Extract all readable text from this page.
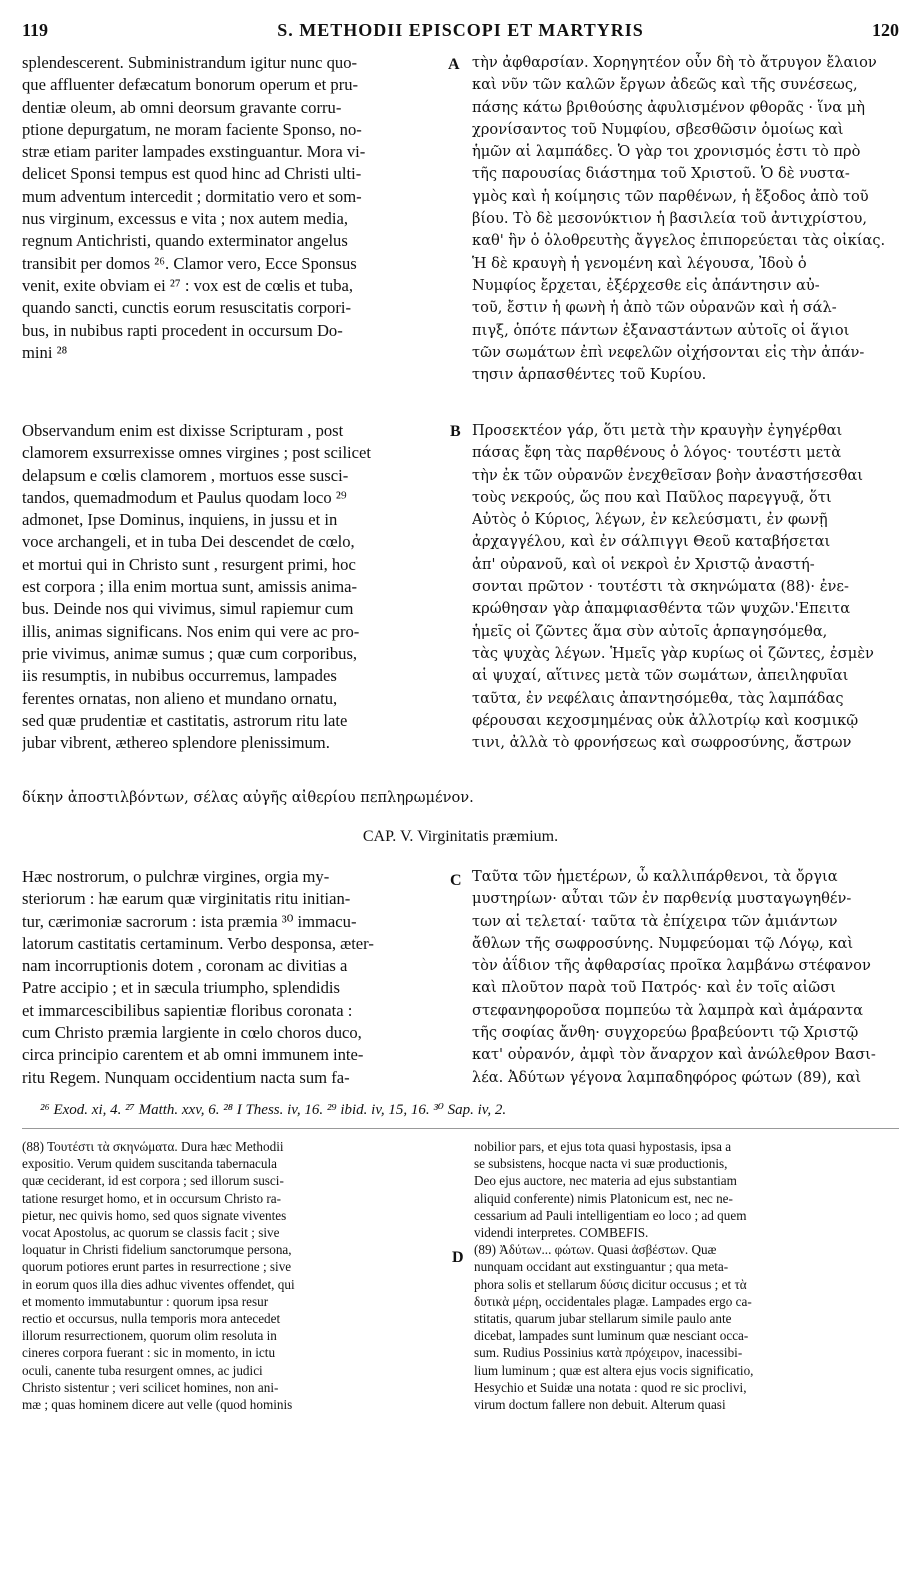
119	S. METHODII EPISCOPI ET MARTYRIS	120
A
B
C
D
splendescerent. Subministrandum igitur nunc quo-
que affluenter defæcatum bonorum operum et pru-
dentiæ oleum, ab omni deorsum gravante corru-
ptione depurgatum, ne moram faciente Sponso, no-
stræ etiam pariter lampades exstinguantur. Mora vi-
delicet Sponsi tempus est quod hinc ad Christi ulti-
mum adventum intercedit ; dormitatio vero et som-
nus virginum, excessus e vita ; nox autem media,
regnum Antichristi, quando exterminator angelus
transibit per domos ²⁶. Clamor vero, Ecce Sponsus
venit, exite obviam ei ²⁷ : vox est de cœlis et tuba,
quando sancti, cunctis eorum resuscitatis corpori-
bus, in nubibus rapti procedent in occursum Do-
mini ²⁸
τὴν ἀφθαρσίαν. Χορηγητέον οὖν δὴ τὸ ἄτρυγον ἔλαιον
καὶ νῦν τῶν καλῶν ἔργων ἀδεῶς καὶ τῆς συνέσεως,
πάσης κάτω βριθούσης ἀφυλισμένον φθορᾶς · ἵνα μὴ
χρονίσαντος τοῦ Νυμφίου, σβεσθῶσιν ὁμοίως καὶ
ἡμῶν αἱ λαμπάδες. Ὁ γὰρ τοι χρονισμός ἐστι τὸ πρὸ
τῆς παρουσίας διάστημα τοῦ Χριστοῦ. Ὁ δὲ νυστα-
γμὸς καὶ ἡ κοίμησις τῶν παρθένων, ἡ ἔξοδος ἀπὸ τοῦ
βίου. Τὸ δὲ μεσονύκτιον ἡ βασιλεία τοῦ ἀντιχρίστου,
καθ' ἣν ὁ ὀλοθρευτὴς ἄγγελος ἐπιπορεύεται τὰς οἰκίας.
Ἡ δὲ κραυγὴ ἡ γενομένη καὶ λέγουσα, Ἰδοὺ ὁ
Νυμφίος ἔρχεται, ἐξέρχεσθε εἰς ἀπάντησιν αὐ-
τοῦ, ἔστιν ἡ φωνὴ ἡ ἀπὸ τῶν οὐρανῶν καὶ ἡ σάλ-
πιγξ, ὁπότε πάντων ἐξαναστάντων αὐτοῖς οἱ ἅγιοι
τῶν σωμάτων ἐπὶ νεφελῶν οἰχήσονται εἰς τὴν ἀπάν-
τησιν ἁρπασθέντες τοῦ Κυρίου.
Observandum enim est dixisse Scripturam , post
clamorem exsurrexisse omnes virgines ; post scilicet
delapsum e cœlis clamorem , mortuos esse susci-
tandos, quemadmodum et Paulus quodam loco ²⁹
admonet, Ipse Dominus, inquiens, in jussu et in
voce archangeli, et in tuba Dei descendet de cœlo,
et mortui qui in Christo sunt , resurgent primi, hoc
est corpora ; illa enim mortua sunt, amissis anima-
bus. Deinde nos qui vivimus, simul rapiemur cum
illis, animas significans. Nos enim qui vere ac pro-
prie vivimus, animæ sumus ; quæ cum corporibus,
iis resumptis, in nubibus occurremus, lampades
ferentes ornatas, non alieno et mundano ornatu,
sed quæ prudentiæ et castitatis, astrorum ritu late
jubar vibrent, æthereo splendore plenissimum.
Προσεκτέον γάρ, ὅτι μετὰ τὴν κραυγὴν ἐγηγέρθαι
πάσας ἔφη τὰς παρθένους ὁ λόγος· τουτέστι μετὰ
τὴν ἐκ τῶν οὐρανῶν ἐνεχθεῖσαν βοὴν ἀναστήσεσθαι
τοὺς νεκρούς, ὥς που καὶ Παῦλος παρεγγυᾷ, ὅτι
Αὐτὸς ὁ Κύριος, λέγων, ἐν κελεύσματι, ἐν φωνῇ
ἀρχαγγέλου, καὶ ἐν σάλπιγγι Θεοῦ καταβήσεται
ἀπ' οὐρανοῦ, καὶ οἱ νεκροὶ ἐν Χριστῷ ἀναστή-
σονται πρῶτον · τουτέστι τὰ σκηνώματα (88)· ἐνε-
κρώθησαν γὰρ ἀπαμφιασθέντα τῶν ψυχῶν.'Επειτα
ἡμεῖς οἱ ζῶντες ἅμα σὺν αὐτοῖς ἁρπαγησόμεθα,
τὰς ψυχὰς λέγων. Ἡμεῖς γὰρ κυρίως οἱ ζῶντες, ἐσμὲν
αἱ ψυχαί, αἵτινες μετὰ τῶν σωμάτων, ἀπειληφυῖαι
ταῦτα, ἐν νεφέλαις ἀπαντησόμεθα, τὰς λαμπάδας
φέρουσαι κεχοσμημένας οὐκ ἀλλοτρίῳ καὶ κοσμικῷ
τινι, ἀλλὰ τὸ φρονήσεως καὶ σωφροσύνης, ἄστρων
δίκην ἀποστιλβόντων, σέλας αὐγῆς αἰθερίου πεπληρωμένον.
CAP. V. Virginitatis præmium.
Hæc nostrorum, o pulchræ virgines, orgia my-
steriorum : hæ earum quæ virginitatis ritu initian-
tur, cærimoniæ sacrorum : ista præmia ³⁰ immacu-
latorum castitatis certaminum. Verbo desponsa, æter-
nam incorruptionis dotem , coronam ac divitias a
Patre accipio ; et in sæcula triumpho, splendidis
et immarcescibilibus sapientiæ floribus coronata :
cum Christo præmia largiente in cœlo choros duco,
circa principio carentem et ab omni immunem inte-
ritu Regem. Nunquam occidentium nacta sum fa-
Ταῦτα τῶν ἡμετέρων, ὦ καλλιπάρθενοι, τὰ ὄργια
μυστηρίων· αὗται τῶν ἐν παρθενίᾳ μυσταγωγηθέν-
των αἱ τελεταί· ταῦτα τὰ ἐπίχειρα τῶν ἀμιάντων
ἄθλων τῆς σωφροσύνης. Νυμφεύομαι τῷ Λόγῳ, καὶ
τὸν ἀΐδιον τῆς ἀφθαρσίας προῖκα λαμβάνω στέφανον
καὶ πλοῦτον παρὰ τοῦ Πατρός· καὶ ἐν τοῖς αἰῶσι
στεφανηφοροῦσα πομπεύω τὰ λαμπρὰ καὶ ἀμάραντα
τῆς σοφίας ἄνθη· συγχορεύω βραβεύοντι τῷ Χριστῷ
κατ' οὐρανόν, ἀμφὶ τὸν ἄναρχον καὶ ἀνώλεθρον Βασι-
λέα. Ἀδύτων γέγονα λαμπαδηφόρος φώτων (89), καὶ
²⁶ Exod. xi, 4. ²⁷ Matth. xxv, 6. ²⁸ I Thess. iv, 16. ²⁹ ibid. iv, 15, 16. ³⁰ Sap. iv, 2.
(88) Τουτέστι τὰ σκηνώματα. Dura hæc Methodii
expositio. Verum quidem suscitanda tabernacula
quæ ceciderant, id est corpora ; sed illorum susci-
tatione resurget homo, et in occursum Christo ra-
pietur, nec quivis homo, sed quos signate viventes
vocat Apostolus, ac quorum se classis facit ; sive
loquatur in Christi fidelium sanctorumque persona,
quorum potiores erunt partes in resurrectione ; sive
in eorum quos illa dies adhuc viventes offendet, qui
et momento immutabuntur : quorum ipsa resur
rectio et occursus, nulla temporis mora antecedet
illorum resurrectionem, quorum olim resoluta in
cineres corpora fuerant : sic in momento, in ictu
oculi, canente tuba resurgent omnes, ac judici
Christo sistentur ; veri scilicet homines, non ani-
mæ ; quas hominem dicere aut velle (quod hominis
nobilior pars, et ejus tota quasi hypostasis, ipsa a
se subsistens, hocque nacta vi suæ productionis,
Deo ejus auctore, nec materia ad ejus substantiam
aliquid conferente) nimis Platonicum est, nec ne-
cessarium ad Pauli intelligentiam eo loco ; ad quem
videndi interpretes. COMBEFIS.
(89) Ἀδύτων... φώτων. Quasi ἀσβέστων. Quæ
nunquam occidant aut exstinguantur ; qua meta-
phora solis et stellarum δύσις dicitur occusus ; et τὰ
δυτικὰ μέρη, occidentales plagæ. Lampades ergo ca-
stitatis, quarum jubar stellarum simile paulo ante
dicebat, lampades sunt luminum quæ nesciant occa-
sum. Rudius Possinius κατὰ πρόχειρον, inacessibi-
lium luminum ; quæ est altera ejus vocis significatio,
Hesychio et Suidæ una notata : quod re sic proclivi,
virum doctum fallere non debuit. Alterum quasi
